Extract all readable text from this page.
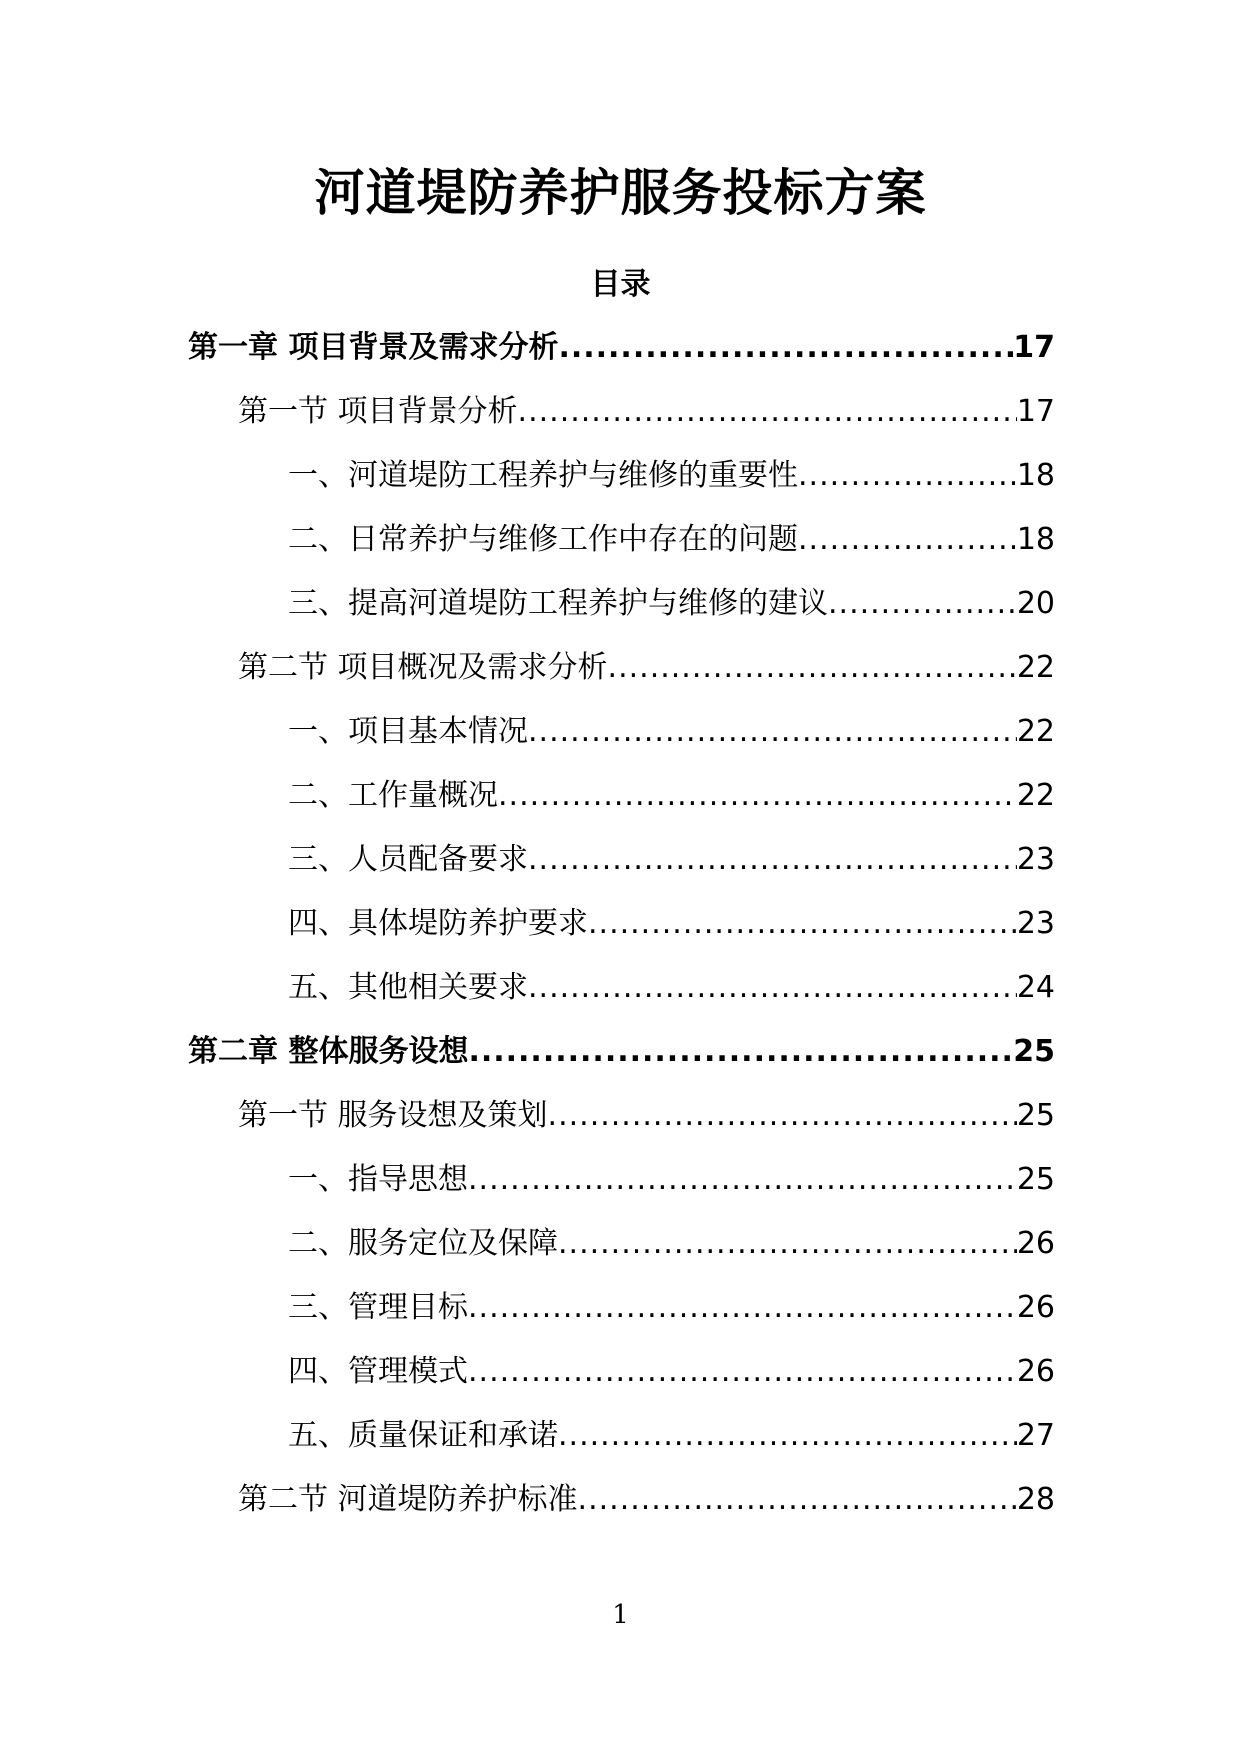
河道堤防养护服务投标方案
目录
第一章 项目背景及需求分析 .....	17
第一节 项目背景分析 .....	17
一、河道堤防工程养护与维修的重要性 .....	18
二、日常养护与维修工作中存在的问题 .....	18
三、提高河道堤防工程养护与维修的建议 .....	20
第二节 项目概况及需求分析 .....	22
一、项目基本情况 .....	22
二、工作量概况 .....	22
三、人员配备要求 .....	23
四、具体堤防养护要求 .....	23
五、其他相关要求 .....	24
第二章 整体服务设想 .....	25
第一节 服务设想及策划 .....	25
一、指导思想 .....	25
二、服务定位及保障 .....	26
三、管理目标 .....	26
四、管理模式 .....	26
五、质量保证和承诺 .....	27
第二节 河道堤防养护标准 .....	28
1
